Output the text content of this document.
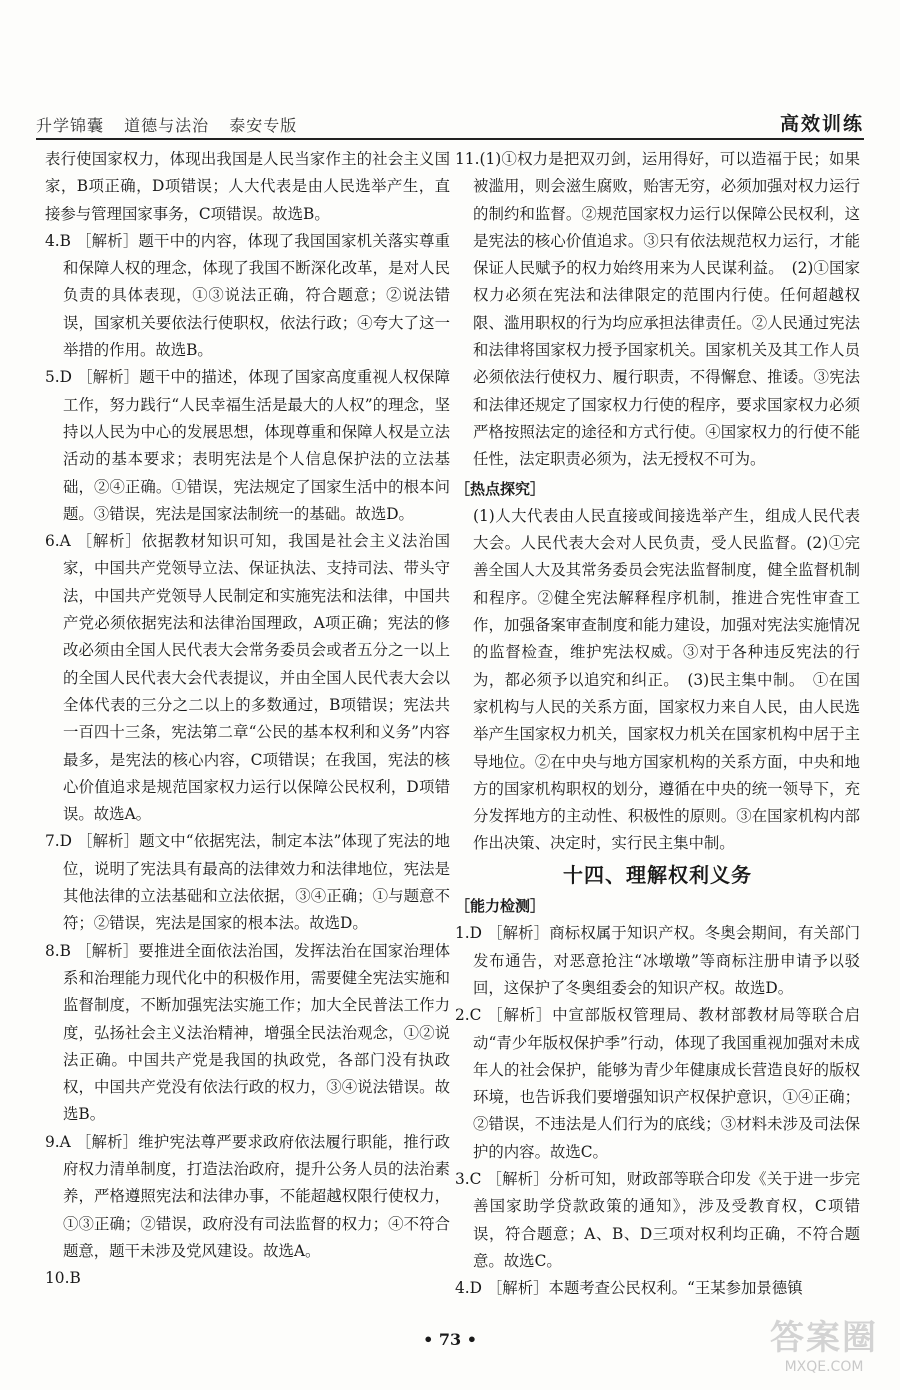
升学锦囊 道德与法治 泰安专版	高效训练

表行使国家权力，体现出我国是人民当家作主的社会主义国家，B项正确，D项错误；人大代表是由人民选举产生，直接参与管理国家事务，C项错误。故选B。

4.B ［解析］题干中的内容，体现了我国国家机关落实尊重和保障人权的理念，体现了我国不断深化改革，是对人民负责的具体表现，①③说法正确，符合题意；②说法错误，国家机关要依法行使职权，依法行政；④夸大了这一举措的作用。故选B。

5.D ［解析］题干中的描述，体现了国家高度重视人权保障工作，努力践行“人民幸福生活是最大的人权”的理念，坚持以人民为中心的发展思想，体现尊重和保障人权是立法活动的基本要求；表明宪法是个人信息保护法的立法基础，②④正确。①错误，宪法规定了国家生活中的根本问题。③错误，宪法是国家法制统一的基础。故选D。

6.A ［解析］依据教材知识可知，我国是社会主义法治国家，中国共产党领导立法、保证执法、支持司法、带头守法，中国共产党领导人民制定和实施宪法和法律，中国共产党必须依据宪法和法律治国理政，A项正确；宪法的修改必须由全国人民代表大会常务委员会或者五分之一以上的全国人民代表大会代表提议，并由全国人民代表大会以全体代表的三分之二以上的多数通过，B项错误；宪法共一百四十三条，宪法第二章“公民的基本权利和义务”内容最多，是宪法的核心内容，C项错误；在我国，宪法的核心价值追求是规范国家权力运行以保障公民权利，D项错误。故选A。

7.D ［解析］题文中“依据宪法，制定本法”体现了宪法的地位，说明了宪法具有最高的法律效力和法律地位，宪法是其他法律的立法基础和立法依据，③④正确；①与题意不符；②错误，宪法是国家的根本法。故选D。

8.B ［解析］要推进全面依法治国，发挥法治在国家治理体系和治理能力现代化中的积极作用，需要健全宪法实施和监督制度，不断加强宪法实施工作；加大全民普法工作力度，弘扬社会主义法治精神，增强全民法治观念，①②说法正确。中国共产党是我国的执政党，各部门没有执政权，中国共产党没有依法行政的权力，③④说法错误。故选B。

9.A ［解析］维护宪法尊严要求政府依法履行职能，推行政府权力清单制度，打造法治政府，提升公务人员的法治素养，严格遵照宪法和法律办事，不能超越权限行使权力，①③正确；②错误，政府没有司法监督的权力；④不符合题意，题干未涉及党风建设。故选A。

10.B

11.(1)①权力是把双刃剑，运用得好，可以造福于民；如果被滥用，则会滋生腐败，贻害无穷，必须加强对权力运行的制约和监督。②规范国家权力运行以保障公民权利，这是宪法的核心价值追求。③只有依法规范权力运行，才能保证人民赋予的权力始终用来为人民谋利益。　(2)①国家权力必须在宪法和法律限定的范围内行使。任何超越权限、滥用职权的行为均应承担法律责任。②人民通过宪法和法律将国家权力授予国家机关。国家机关及其工作人员必须依法行使权力、履行职责，不得懈怠、推诿。③宪法和法律还规定了国家权力行使的程序，要求国家权力必须严格按照法定的途径和方式行使。④国家权力的行使不能任性，法定职责必须为，法无授权不可为。

［热点探究］

(1)人大代表由人民直接或间接选举产生，组成人民代表大会。人民代表大会对人民负责，受人民监督。(2)①完善全国人大及其常务委员会宪法监督制度，健全监督机制和程序。②健全宪法解释程序机制，推进合宪性审查工作，加强备案审查制度和能力建设，加强对宪法实施情况的监督检查，维护宪法权威。③对于各种违反宪法的行为，都必须予以追究和纠正。　(3)民主集中制。　①在国家机构与人民的关系方面，国家权力来自人民，由人民选举产生国家权力机关，国家权力机关在国家机构中居于主导地位。②在中央与地方国家机构的关系方面，中央和地方的国家机构职权的划分，遵循在中央的统一领导下，充分发挥地方的主动性、积极性的原则。③在国家机构内部作出决策、决定时，实行民主集中制。

十四、理解权利义务
［能力检测］

1.D ［解析］商标权属于知识产权。冬奥会期间，有关部门发布通告，对恶意抢注“冰墩墩”等商标注册申请予以驳回，这保护了冬奥组委会的知识产权。故选D。

2.C ［解析］中宣部版权管理局、教材部教材局等联合启动“青少年版权保护季”行动，体现了我国重视加强对未成年人的社会保护，能够为青少年健康成长营造良好的版权环境，也告诉我们要增强知识产权保护意识，①④正确；②错误，不违法是人们行为的底线；③材料未涉及司法保护的内容。故选C。

3.C ［解析］分析可知，财政部等联合印发《关于进一步完善国家助学贷款政策的通知》，涉及受教育权，C项错误，符合题意；A、B、D三项对权利均正确，不符合题意。故选C。

4.D ［解析］本题考查公民权利。“王某参加景德镇

• 73 •	答案圈
MXQE.COM
